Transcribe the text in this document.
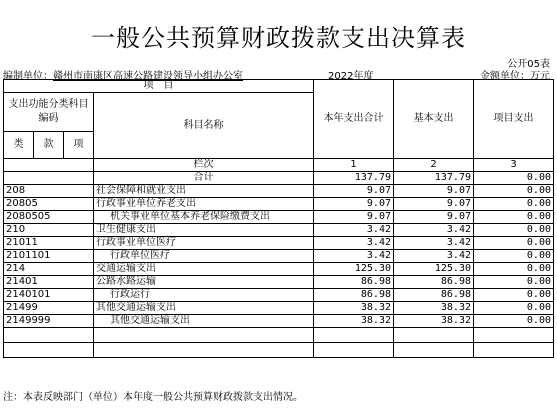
一般公共预算财政拨款支出决算表
公开05表
编制单位：赣州市南康区高速公路建设领导小组办公室	2022年度	金额单位：万元
项　目				本年支出合计	基本支出	项目支出
支出功能分类科目编码			科目名称			
类	款	项				
			栏次	1	2	3
			合计	137.79	137.79	0.00
208			社会保障和就业支出	9.07	9.07	0.00
20805			行政事业单位养老支出	9.07	9.07	0.00
2080505			机关事业单位基本养老保险缴费支出	9.07	9.07	0.00
210			卫生健康支出	3.42	3.42	0.00
21011			行政事业单位医疗	3.42	3.42	0.00
2101101			行政单位医疗	3.42	3.42	0.00
214			交通运输支出	125.30	125.30	0.00
21401			公路水路运输	86.98	86.98	0.00
2140101			行政运行	86.98	86.98	0.00
21499			其他交通运输支出	38.32	38.32	0.00
2149999			其他交通运输支出	38.32	38.32	0.00

注：本表反映部门（单位）本年度一般公共预算财政拨款支出情况。
